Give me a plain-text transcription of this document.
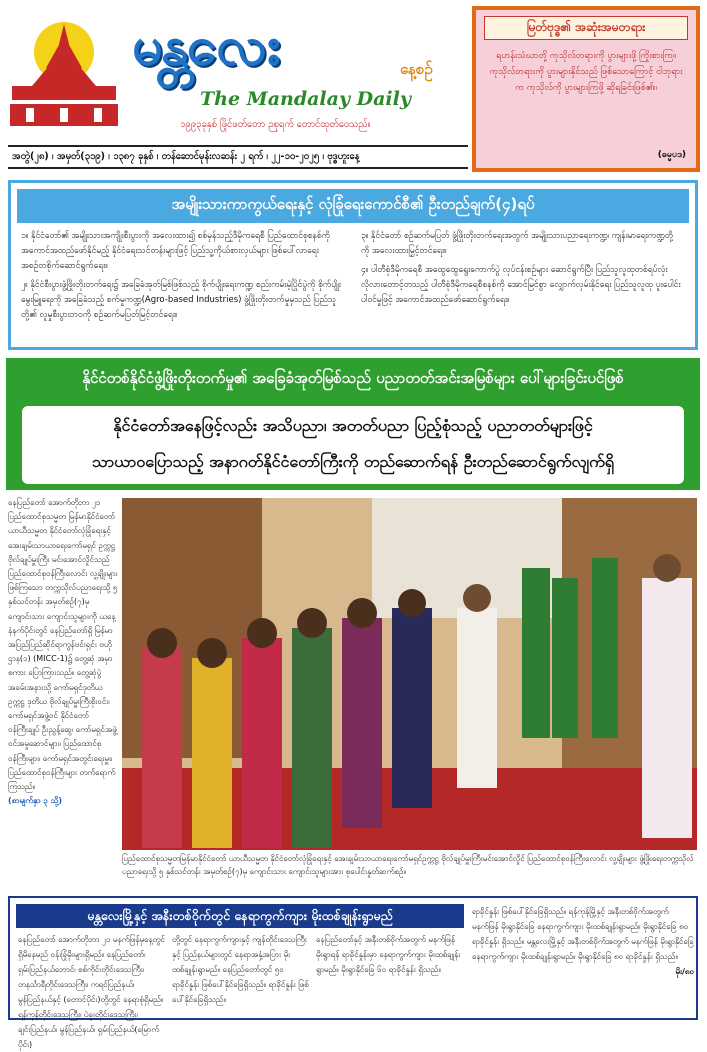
မန္တလေး	နေ့စဉ်
The Mandalay Daily
၁၉၉၃ခုနှစ် ဖြိုင်ဖတ်တော ဉစုရက် တောင်ထုတ်ဝေသည်။
အတွဲ(၂၈) ၊ အမှတ်(၃၁၉) ၊ ၁၃၈၇ ခုနှစ် ၊ တန်ဆောင်မုန်းလဆန်း ၂ ရက် ၊ ၂၂-၁၀-၂၀၂၅ ၊ ဗုဒ္ဓဟူးနေ့
မြတ်ဗုဒ္ဓ၏ အဆုံးအမတရား
ရဟန်းသံဃာတို့ ကုသိုလ်တရားကို ပွားများဖို့ ကြိုးစားကြ။ ကုသိုလ်တရားကို ပွားများနိုင်သည် ဖြစ်သောကြောင့် ငါဘုရားက ကုသိုလ်ကို ပွားများကြဖို့ ဆိုရခြင်းဖြစ်၏။
(ဓမ္မပဒ)
အမျိုးသားကာကွယ်ရေးနှင့် လုံခြုံရေးကောင်စီ၏ ဦးတည်ချက်(၄)ရပ်
၁။ နိုင်ငံတော်၏ အမျိုးသားအကျိုးစီးပွားကို အလေးထား၍ စစ်မှန်သည့်ဒီမိုကရေစီ ပြည်ထောင်စုစနစ်ကို အကောင်အထည်ဖော်နိုင်မည့် နိုင်ငံရေးသင်တန်းများဖြင့် ပြည်သူ့ကိုယ်စားလှယ်များ ဖြစ်ပေါ်လာရေး အစဉ်တစိုက်ဆောင်ရွက်ရေး။
၂။ နိုင်ငံစီးပွားဖွံ့ဖြိုးတိုးတက်ရေး၌ အခြေခံအုတ်မြစ်ဖြစ်သည့် စိုက်ပျိုးရေးကဏ္ဍ စည်းကမ်းမဲ့ပြိုင်ပွဲကို စိုက်ပျိုးမွေးမြူရေးကို အခြေခံသည့် စက်မှုကဏ္ဍ(Agro-based Industries) ဖွံ့ဖြိုးတိုးတက်မှုမှသည် ပြည်သူတို့၏ လူမှုစီးပွားဘဝကို စဉ်ဆက်မပြတ်မြင့်တင်ရေး။
၃။ နိုင်ငံတော် စဉ်ဆက်မပြတ် ဖွံ့ဖြိုးတိုးတက်ရေးအတွက် အမျိုးသားပညာရေးကဏ္ဍ၊ ကျန်းမာရေးကဏ္ဍတို့ကို အလေးထားမြှင့်တင်ရေး။
၄။ ပါတီစုံဒီမိုကရေစီ အထွေထွေရွေးကောက်ပွဲ လုပ်ငန်းစဉ်များ ဆောင်ရွက်ပြီး ပြည်သူလူထုတစ်ရပ်လုံး လိုလားတောင့်တသည့် ပါတီစုံဒီမိုကရေစီစနစ်ကို အောင်မြင်စွာ လျှောက်လှမ်းနိုင်ရေး ပြည်သူလူထု ပူးပေါင်းပါဝင်မှုဖြင့် အကောင်အထည်ဖော်ဆောင်ရွက်ရေး။
နိုင်ငံတစ်နိုင်ငံဖွံ့ဖြိုးတိုးတက်မှု၏ အခြေခံအုတ်မြစ်သည် ပညာတတ်အင်းအမြစ်များ ပေါ်များခြင်းပင်ဖြစ်
နိုင်ငံတော်အနေဖြင့်လည်း အသိပညာ၊ အတတ်ပညာ ပြည့်စုံသည့် ပညာတတ်များဖြင့်
သာယာဝပြောသည့် အနာဂတ်နိုင်ငံတော်ကြီးကို တည်ဆောက်ရန် ဦးတည်ဆောင်ရွက်လျက်ရှိ
နေပြည်တော် အောက်တိုဘာ ၂၁ ပြည်ထောင်စုသမ္မတ မြန်မာနိုင်ငံတော် ယာယီသမ္မတ နိုင်ငံတော်လုံခြုံရေးနှင့် အေးချမ်းသာယာရေးကော်မရှင် ဥက္ကဋ္ဌ ဗိုလ်ချုပ်မှူးကြီး မင်းအောင်လှိုင်သည် ပြည်ထောင်စုဝန်ကြီးလောင်း လူ့ချိုးများဖြစ်ကြသော တက္ကသိုလ်ပညာရေးသို့ ၅ နှစ်သင်တန်း အမှတ်စဉ်(၇)မှ ကျောင်းသား ကျောင်းသူများကို ယနေ့နံနက်ပိုင်းတွင် နေပြည်တော်ရှိ မြန်မာ အပြည်ပြည်ဆိုင်ရာကွန်ဗင်းရှင်း ဗဟိုဌာန(၁) (MICC-1)၌ တွေ့ဆုံ အမှာစကား ပြောကြားသည်။ တွေ့ဆုံပွဲ အခမ်းအနားသို့ ကော်မရှင်ဒုတိယဥက္ကဋ္ဌ ဒုတိယ ဗိုလ်ချုပ်မှူးကြီးစိုးဝင်း၊ ကော်မရှင်အဖွဲ့ဝင် နိုင်ငံတော်ဝန်ကြီးချုပ် ဦးညွန့်ဆွေ၊ ကော်မရှင်အဖွဲ့ဝင်အမှုဆောင်များ၊ ပြည်ထောင်စုဝန်ကြီးများ၊ ကော်မရှင်အတွင်းရေးမှူး၊ ပြည်ထောင်စုဝန်ကြီးများ တက်ရောက်ကြသည်။
(စာမျက်နှာ ၃ သို့)
ပြည်ထောင်စုသမ္မတမြန်မာနိုင်ငံတော် ယာယီသမ္မတ နိုင်ငံတော်လုံခြုံရေးနှင့် အေးချမ်းသာယာရေးကော်မရှင်ဥက္ကဋ္ဌ ဗိုလ်ချုပ်မှူးကြီးမင်းအောင်လှိုင် ပြည်ထောင်စုဝန်ကြီးလောင်း လူ့ချိုးများ ဖွံ့ဖြိုးရေးတက္ကသိုလ်ပညာရေးသို့ ၅ နှစ်သင်တန်း အမှတ်စဉ်(၇)မှ ကျောင်းသား ကျောင်းသူများအား စုပေါင်းနှုတ်ဆက်စဉ်။
မန္တလေးမြို့နှင့် အနီးတစ်ဝိုက်တွင် နေရာကွက်ကျား မိုးထစ်ချုန်းရွာမည်
နေပြည်တော် အောက်တိုဘာ ၂၁ မနက်ဖြန်မှနေ့တွင် ရှိမိနေမည် ဝန်းခြုံမိုးများရှိမည်။ နေပြည်တော်၊ ရှမ်းပြည်နယ်ဘောင်၊ စစ်ကိုင်းတိုင်းဒေသကြီး၊ တနင်္သာရီတိုင်းဒေသကြီး၊ ကရင်ပြည်နယ်၊ မွန်ပြည်နယ်နှင့် (တောင်ပိုင်း)တို့တွင် နေရာစုံရှိမည်။ ရန်ကုန်တိုင်းဒေသကြီး၊ ပဲခူးတိုင်းဒေသကြီး၊ ချင်းပြည်နယ်၊ မွန်ပြည်နယ်၊ ရှမ်းပြည်နယ်(မြောက်ပိုင်း)
တို့တွင် နေရာကွက်ကျားနှင့် ကျန်တိုင်းဒေသကြီးနှင့် ပြည်နယ်များတွင် နေရာအနှံ့အပြား မိုးထစ်ချုန်းရွာမည်။ နေပြည်တော်တွင် ၅၀ ရာခိုင်နှုန်း ဖြစ်ပေါ်နိုင်ခြေရှိသည်။ ရာခိုင်နှုန်း ဖြစ်ပေါ်နိုင်ခြေရှိသည်။
နေပြည်တော်နှင့် အနီးတစ်ဝိုက်အတွက် မနက်ဖြန် မိုးရွာရန် ရာခိုင်နှုန်းမှာ နေရာကွက်ကျား မိုးထစ်ချုန်းရွာမည်။ မိုးရွာနိုင်ခြေ ၆၀ ရာခိုင်နှုန်း ရှိသည်။
ရာခိုင်နှုန်း ဖြစ်ပေါ်နိုင်ခြေရှိသည်။ ရန်ကုန်မြို့နှင့် အနီးတစ်ဝိုက်အတွက် မနက်ဖြန် မိုးရွာနိုင်ခြေ နေရာကွက်ကျား မိုးထစ်ချုန်းရွာမည်။ မိုးရွာနိုင်ခြေ ၈၀ ရာခိုင်နှုန်း ရှိသည်။ မန္တလေးမြို့နှင့် အနီးတစ်ဝိုက်အတွက် မနက်ဖြန် မိုးရွာနိုင်ခြေ နေရာကွက်ကျား မိုးထစ်ချုန်းရွာမည်။ မိုးရွာနိုင်ခြေ ၈၀ ရာခိုင်နှုန်း ရှိသည်။
မိုး/၈၀
